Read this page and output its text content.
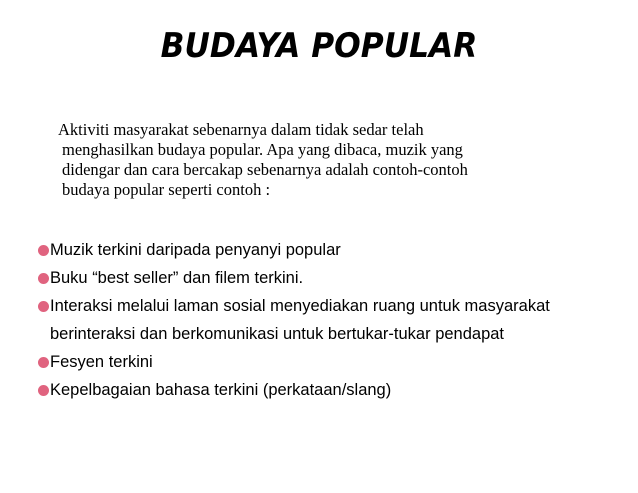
BUDAYA POPULAR
Aktiviti masyarakat sebenarnya dalam tidak sedar telah
menghasilkan budaya popular. Apa yang dibaca, muzik yang
didengar dan cara bercakap sebenarnya adalah contoh-contoh
budaya popular seperti contoh :
Muzik terkini daripada penyanyi popular
Buku “best seller” dan filem terkini.
Interaksi melalui laman sosial menyediakan ruang untuk masyarakat
berinteraksi dan berkomunikasi untuk bertukar-tukar pendapat
Fesyen terkini
Kepelbagaian bahasa terkini (perkataan/slang)
